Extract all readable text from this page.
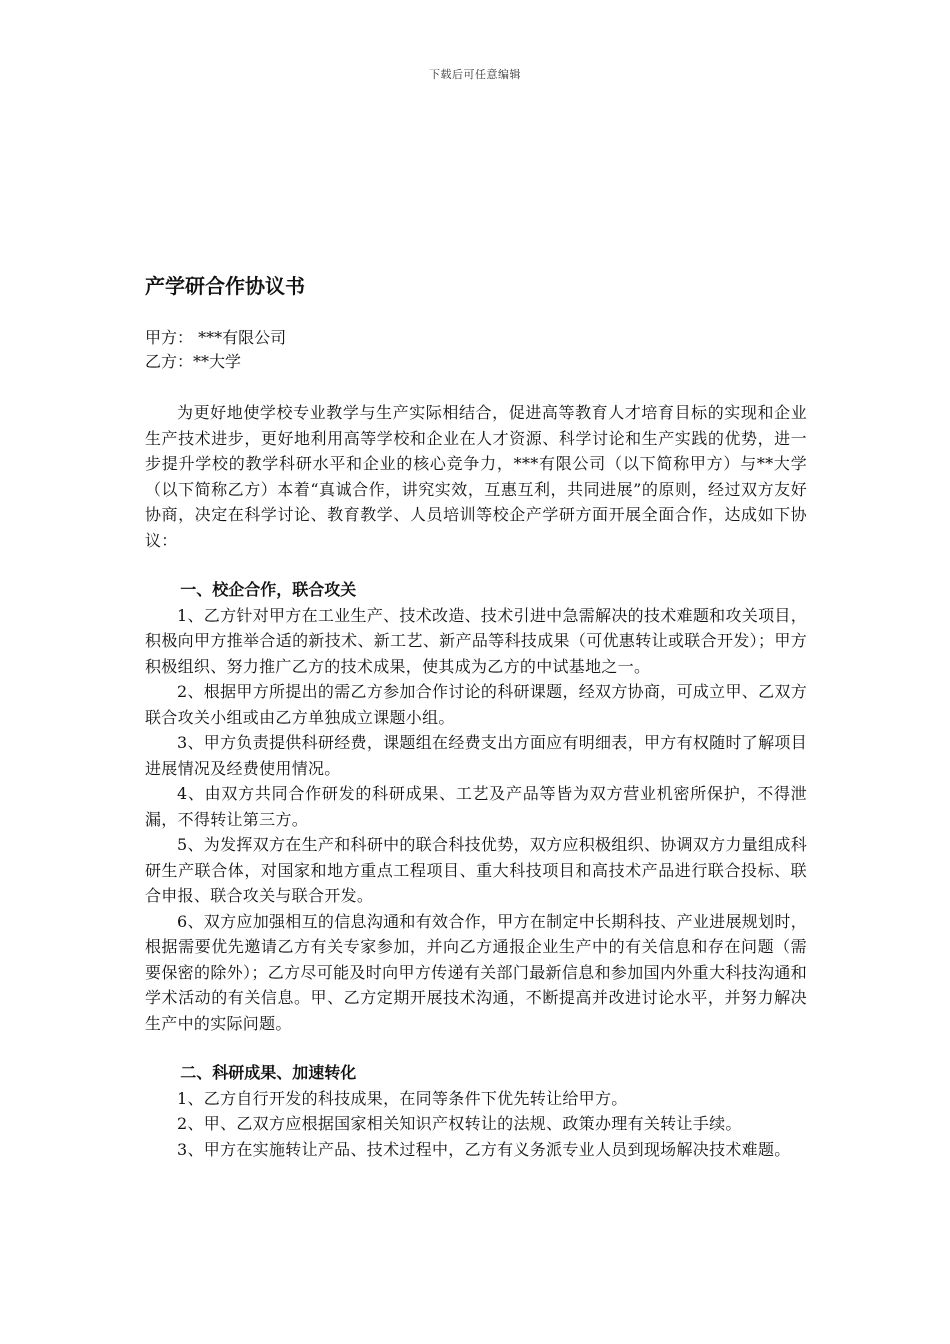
下载后可任意编辑
产学研合作协议书

甲方： ***有限公司

乙方：**大学

为更好地使学校专业教学与生产实际相结合，促进高等教育人才培育目标的实现和企业生产技术进步，更好地利用高等学校和企业在人才资源、科学讨论和生产实践的优势，进一步提升学校的教学科研水平和企业的核心竞争力，***有限公司（以下简称甲方）与**大学（以下简称乙方）本着“真诚合作，讲究实效，互惠互利，共同进展”的原则，经过双方友好协商，决定在科学讨论、教育教学、人员培训等校企产学研方面开展全面合作，达成如下协议：

一、校企合作，联合攻关

1、乙方针对甲方在工业生产、技术改造、技术引进中急需解决的技术难题和攻关项目，积极向甲方推举合适的新技术、新工艺、新产品等科技成果（可优惠转让或联合开发）；甲方积极组织、努力推广乙方的技术成果，使其成为乙方的中试基地之一。

2、根据甲方所提出的需乙方参加合作讨论的科研课题，经双方协商，可成立甲、乙双方联合攻关小组或由乙方单独成立课题小组。

3、甲方负责提供科研经费，课题组在经费支出方面应有明细表，甲方有权随时了解项目进展情况及经费使用情况。

4、由双方共同合作研发的科研成果、工艺及产品等皆为双方营业机密所保护，不得泄漏，不得转让第三方。

5、为发挥双方在生产和科研中的联合科技优势，双方应积极组织、协调双方力量组成科研生产联合体，对国家和地方重点工程项目、重大科技项目和高技术产品进行联合投标、联合申报、联合攻关与联合开发。

6、双方应加强相互的信息沟通和有效合作，甲方在制定中长期科技、产业进展规划时，根据需要优先邀请乙方有关专家参加，并向乙方通报企业生产中的有关信息和存在问题（需要保密的除外）；乙方尽可能及时向甲方传递有关部门最新信息和参加国内外重大科技沟通和学术活动的有关信息。甲、乙方定期开展技术沟通，不断提高并改进讨论水平，并努力解决生产中的实际问题。

二、科研成果、加速转化

1、乙方自行开发的科技成果，在同等条件下优先转让给甲方。

2、甲、乙双方应根据国家相关知识产权转让的法规、政策办理有关转让手续。

3、甲方在实施转让产品、技术过程中，乙方有义务派专业人员到现场解决技术难题。
